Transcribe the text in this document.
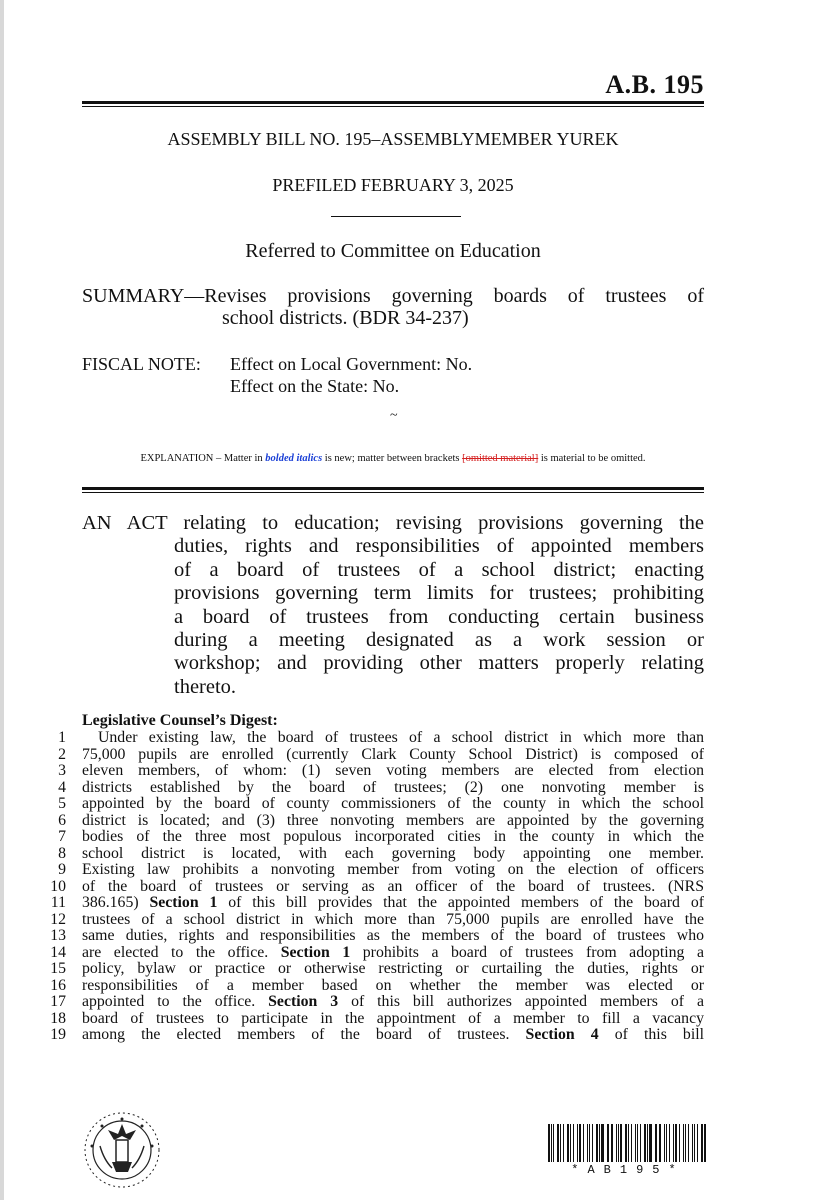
A.B. 195
ASSEMBLY BILL NO. 195–ASSEMBLYMEMBER YUREK
PREFILED FEBRUARY 3, 2025
Referred to Committee on Education
SUMMARY— Revises provisions governing boards of trustees of
school districts. (BDR 34-237)
FISCAL NOTE:	Effect on Local Government: No.
Effect on the State: No.
~
EXPLANATION – Matter in bolded italics is new; matter between brackets [omitted material] is material to be omitted.
AN ACT relating to education; revising provisions governing the
duties, rights and responsibilities of appointed members
of a board of trustees of a school district; enacting
provisions governing term limits for trustees; prohibiting
a board of trustees from conducting certain business
during a meeting designated as a work session or
workshop; and providing other matters properly relating
thereto.
Legislative Counsel’s Digest:
1	Under existing law, the board of trustees of a school district in which more than
2	75,000 pupils are enrolled (currently Clark County School District) is composed of
3	eleven members, of whom: (1) seven voting members are elected from election
4	districts established by the board of trustees; (2) one nonvoting member is
5	appointed by the board of county commissioners of the county in which the school
6	district is located; and (3) three nonvoting members are appointed by the governing
7	bodies of the three most populous incorporated cities in the county in which the
8	school district is located, with each governing body appointing one member.
9	Existing law prohibits a nonvoting member from voting on the election of officers
10	of the board of trustees or serving as an officer of the board of trustees. (NRS
11	386.165) Section 1 of this bill provides that the appointed members of the board of
12	trustees of a school district in which more than 75,000 pupils are enrolled have the
13	same duties, rights and responsibilities as the members of the board of trustees who
14	are elected to the office. Section 1 prohibits a board of trustees from adopting a
15	policy, bylaw or practice or otherwise restricting or curtailing the duties, rights or
16	responsibilities of a member based on whether the member was elected or
17	appointed to the office. Section 3 of this bill authorizes appointed members of a
18	board of trustees to participate in the appointment of a member to fill a vacancy
19	among the elected members of the board of trustees. Section 4 of this bill
*AB195*
